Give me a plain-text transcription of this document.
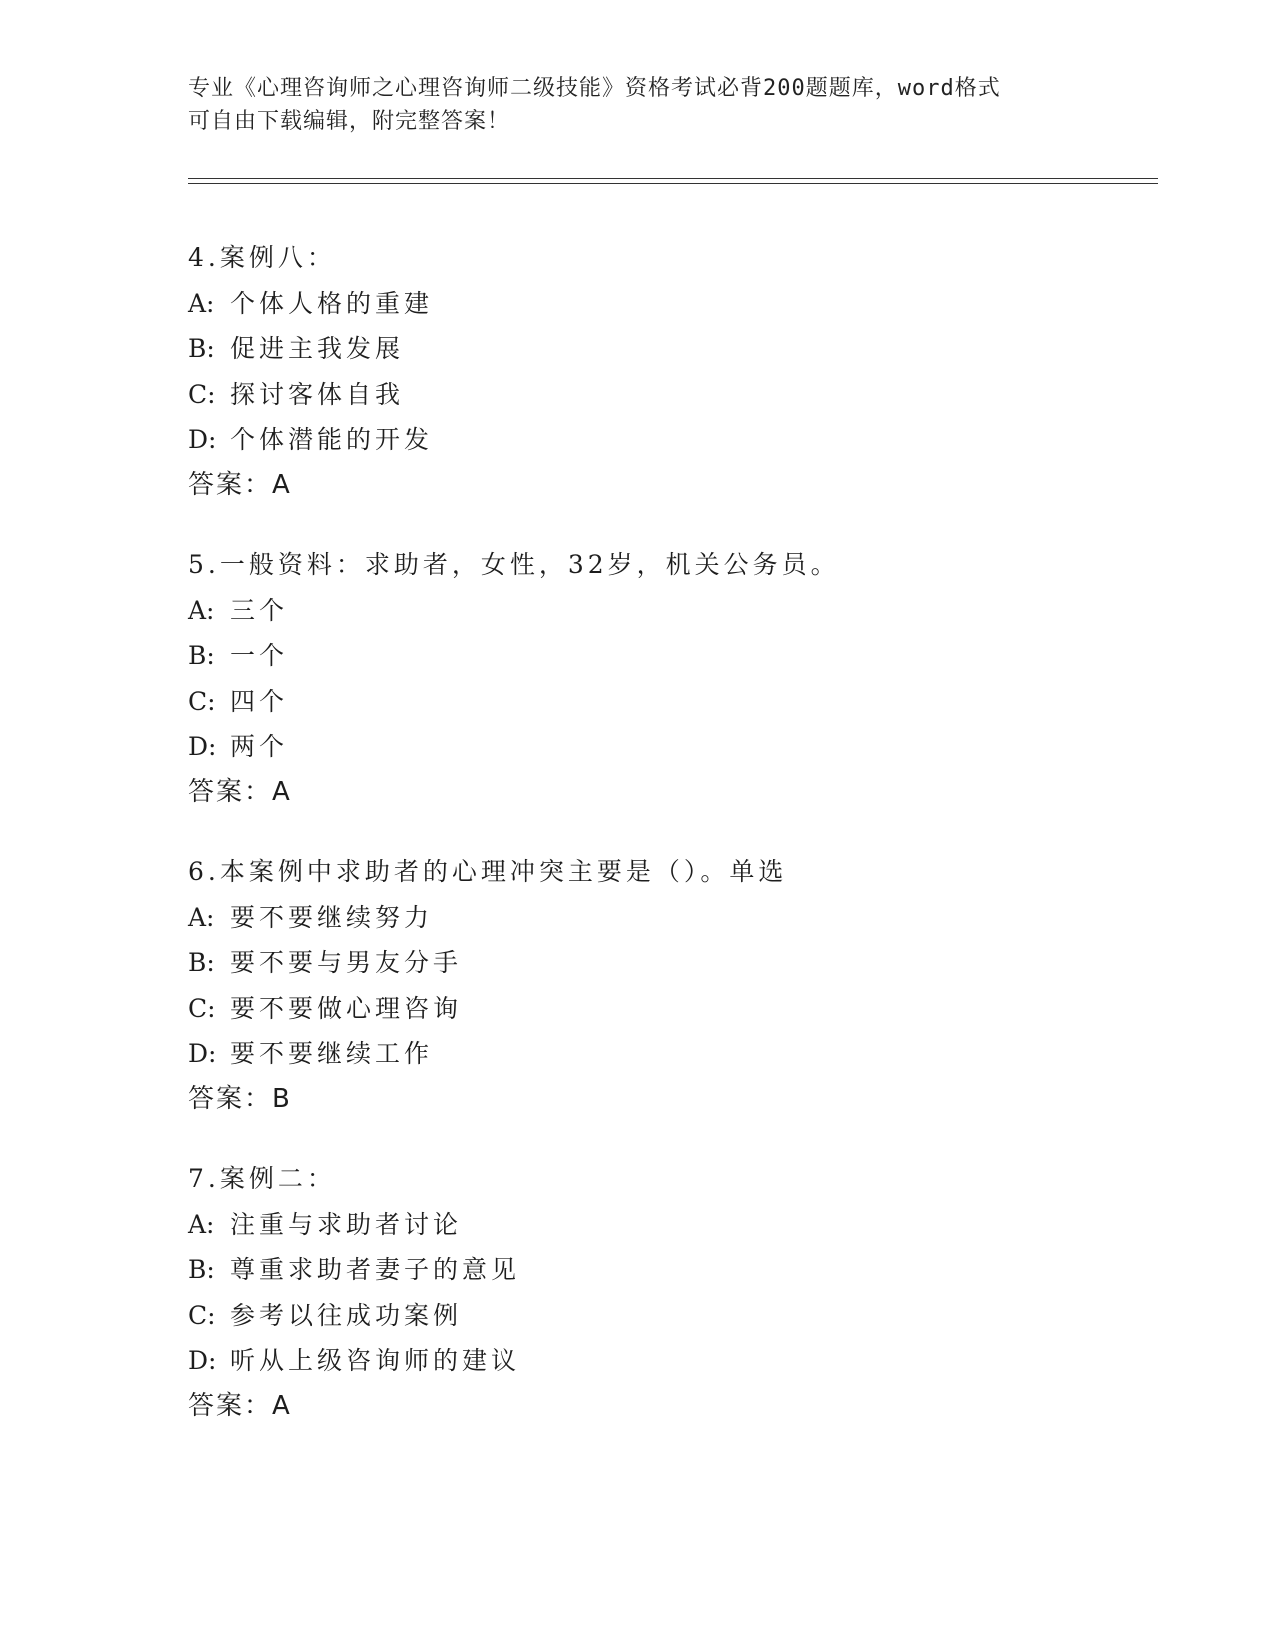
专业《心理咨询师之心理咨询师二级技能》资格考试必背200题题库，word格式
可自由下载编辑，附完整答案！
4.案例八：
A: 个体人格的重建
B: 促进主我发展
C: 探讨客体自我
D: 个体潜能的开发
答案：A
5.一般资料：求助者，女性，32岁，机关公务员。
A: 三个
B: 一个
C: 四个
D: 两个
答案：A
6.本案例中求助者的心理冲突主要是（）。单选
A: 要不要继续努力
B: 要不要与男友分手
C: 要不要做心理咨询
D: 要不要继续工作
答案：B
7.案例二：
A: 注重与求助者讨论
B: 尊重求助者妻子的意见
C: 参考以往成功案例
D: 听从上级咨询师的建议
答案：A
